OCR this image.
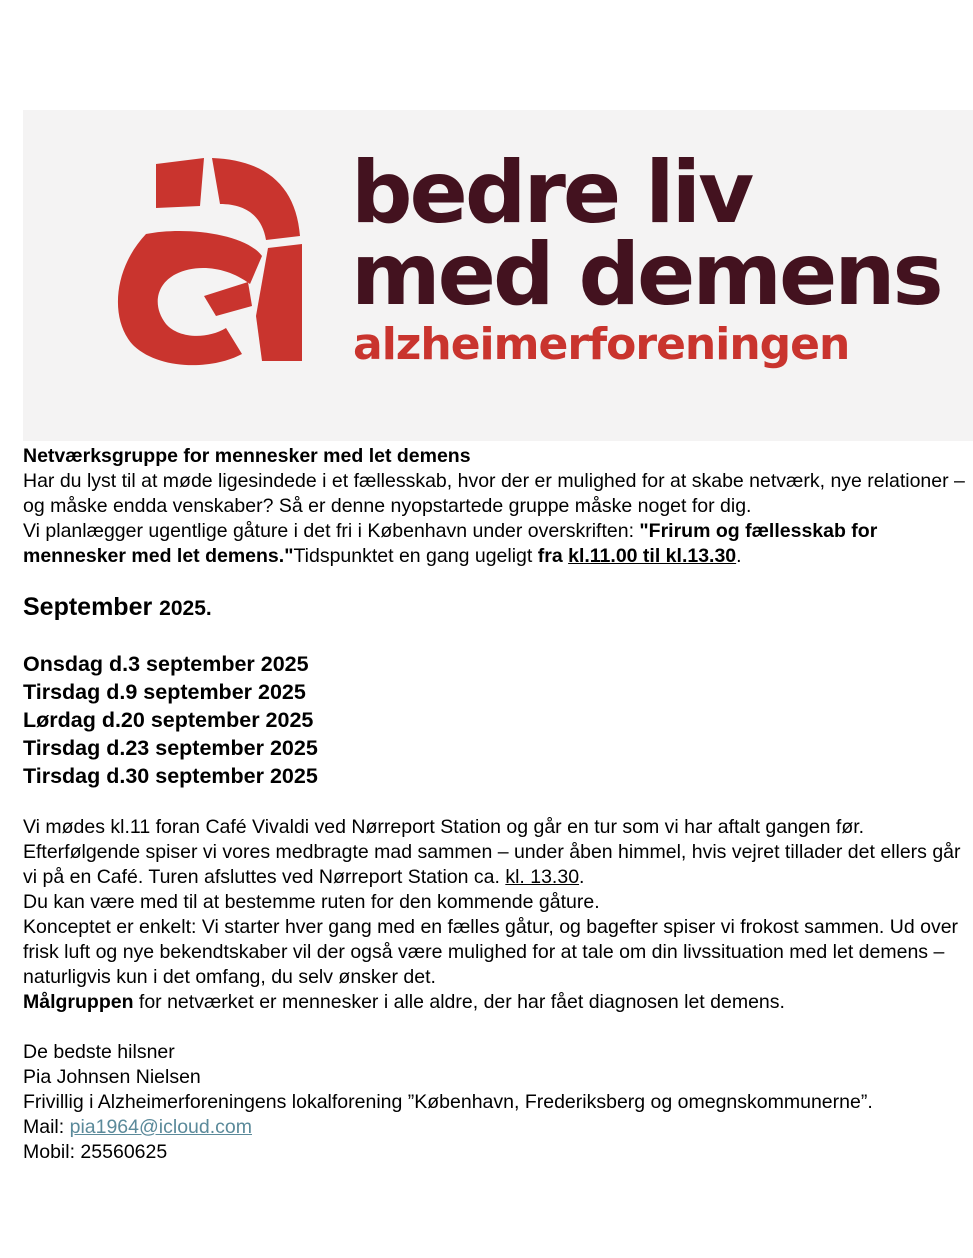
bedre liv
med demens
alzheimerforeningen

Netværksgruppe for mennesker med let demens

Har du lyst til at møde ligesindede i et fællesskab, hvor der er mulighed for at skabe netværk, nye relationer – og måske endda venskaber? Så er denne nyopstartede gruppe måske noget for dig.

Vi planlægger ugentlige gåture i det fri i København under overskriften: "Frirum og fællesskab for mennesker med let demens."Tidspunktet en gang ugeligt fra kl.11.00 til kl.13.30.

September 2025.

Onsdag d.3 september 2025
Tirsdag d.9 september 2025
Lørdag d.20 september 2025
Tirsdag d.23 september 2025
Tirsdag d.30 september 2025

Vi mødes kl.11 foran Café Vivaldi ved Nørreport Station og går en tur som vi har aftalt gangen før. Efterfølgende spiser vi vores medbragte mad sammen – under åben himmel, hvis vejret tillader det ellers går vi på en Café. Turen afsluttes ved Nørreport Station ca. kl. 13.30.

Du kan være med til at bestemme ruten for den kommende gåture.

Konceptet er enkelt: Vi starter hver gang med en fælles gåtur, og bagefter spiser vi frokost sammen. Ud over frisk luft og nye bekendtskaber vil der også være mulighed for at tale om din livssituation med let demens – naturligvis kun i det omfang, du selv ønsker det.

Målgruppen for netværket er mennesker i alle aldre, der har fået diagnosen let demens.

De bedste hilsner

Pia Johnsen Nielsen

Frivillig i Alzheimerforeningens lokalforening ”København, Frederiksberg og omegnskommunerne”.

Mail: pia1964@icloud.com

Mobil: 25560625
